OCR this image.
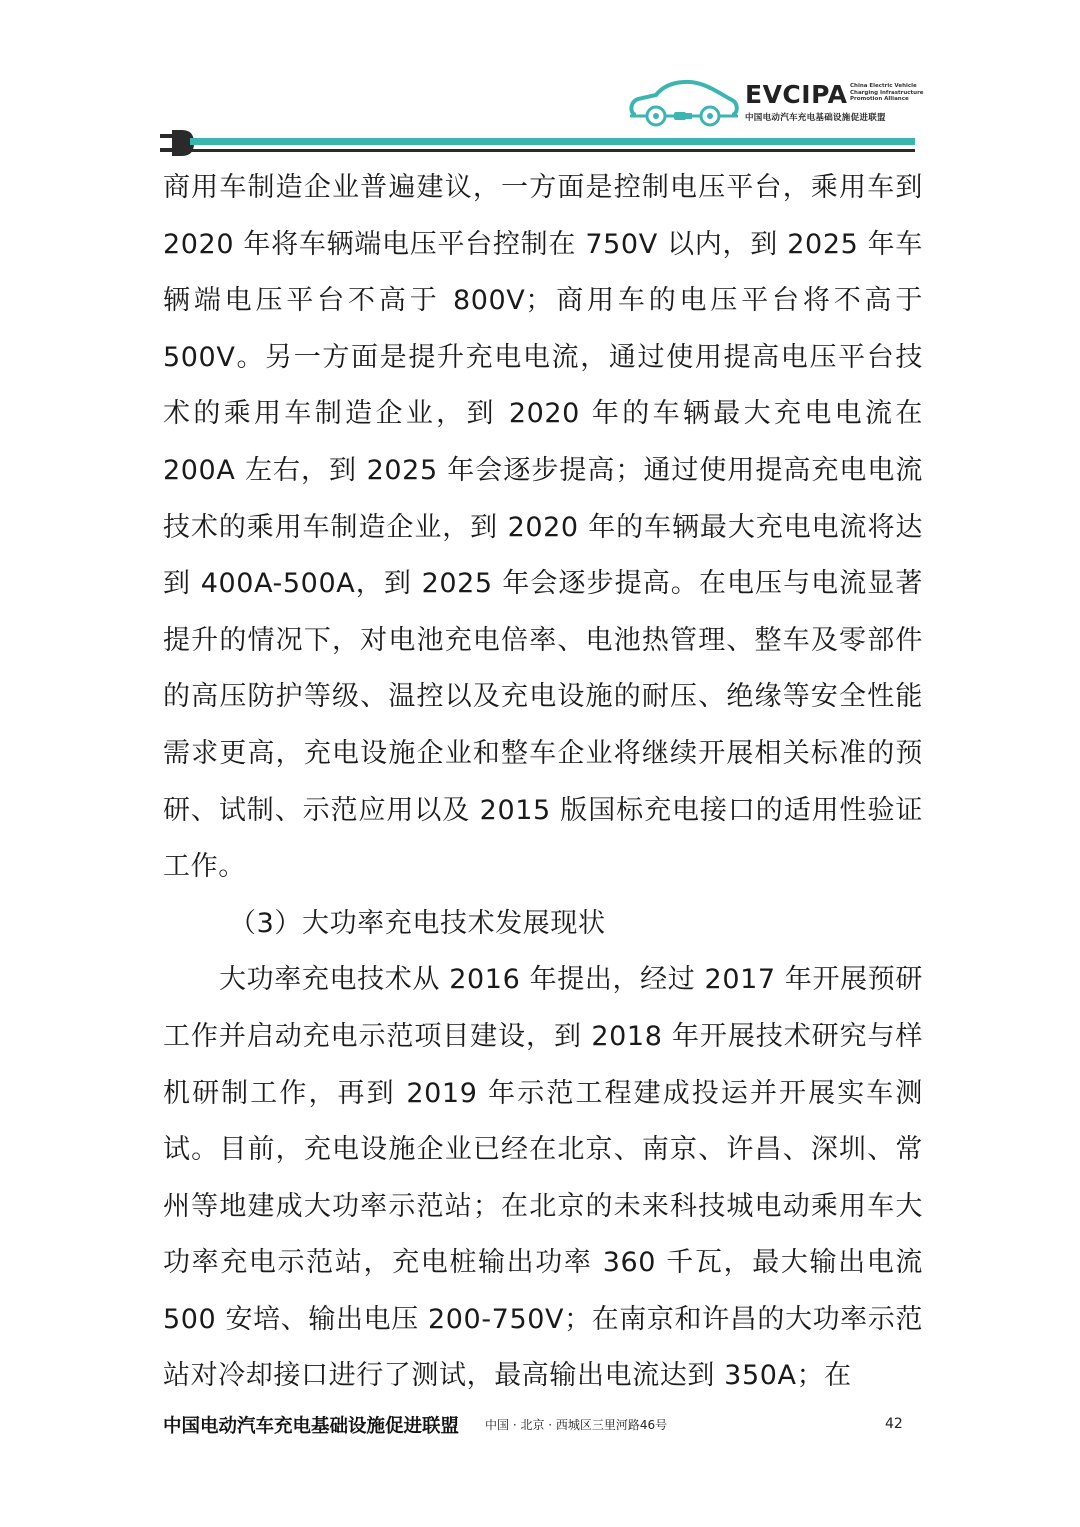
EVCIPA China Electric Vehicle
Charging Infrastructure
Promotion Alliance
中国电动汽车充电基础设施促进联盟

商用车制造企业普遍建议，一方面是控制电压平台，乘用车到 2020 年将车辆端电压平台控制在 750V 以内，到 2025 年车辆端电压平台不高于 800V；商用车的电压平台将不高于 500V。另一方面是提升充电电流，通过使用提高电压平台技术的乘用车制造企业，到 2020 年的车辆最大充电电流在 200A 左右，到 2025 年会逐步提高；通过使用提高充电电流技术的乘用车制造企业，到 2020 年的车辆最大充电电流将达到 400A-500A，到 2025 年会逐步提高。在电压与电流显著提升的情况下，对电池充电倍率、电池热管理、整车及零部件的高压防护等级、温控以及充电设施的耐压、绝缘等安全性能需求更高，充电设施企业和整车企业将继续开展相关标准的预研、试制、示范应用以及 2015 版国标充电接口的适用性验证工作。

（3）大功率充电技术发展现状

大功率充电技术从 2016 年提出，经过 2017 年开展预研工作并启动充电示范项目建设，到 2018 年开展技术研究与样机研制工作，再到 2019 年示范工程建成投运并开展实车测试。目前，充电设施企业已经在北京、南京、许昌、深圳、常州等地建成大功率示范站；在北京的未来科技城电动乘用车大功率充电示范站，充电桩输出功率 360 千瓦，最大输出电流 500 安培、输出电压 200-750V；在南京和许昌的大功率示范站对冷却接口进行了测试，最高输出电流达到 350A；在

中国电动汽车充电基础设施促进联盟 中国 · 北京 · 西城区三里河路46号	42
